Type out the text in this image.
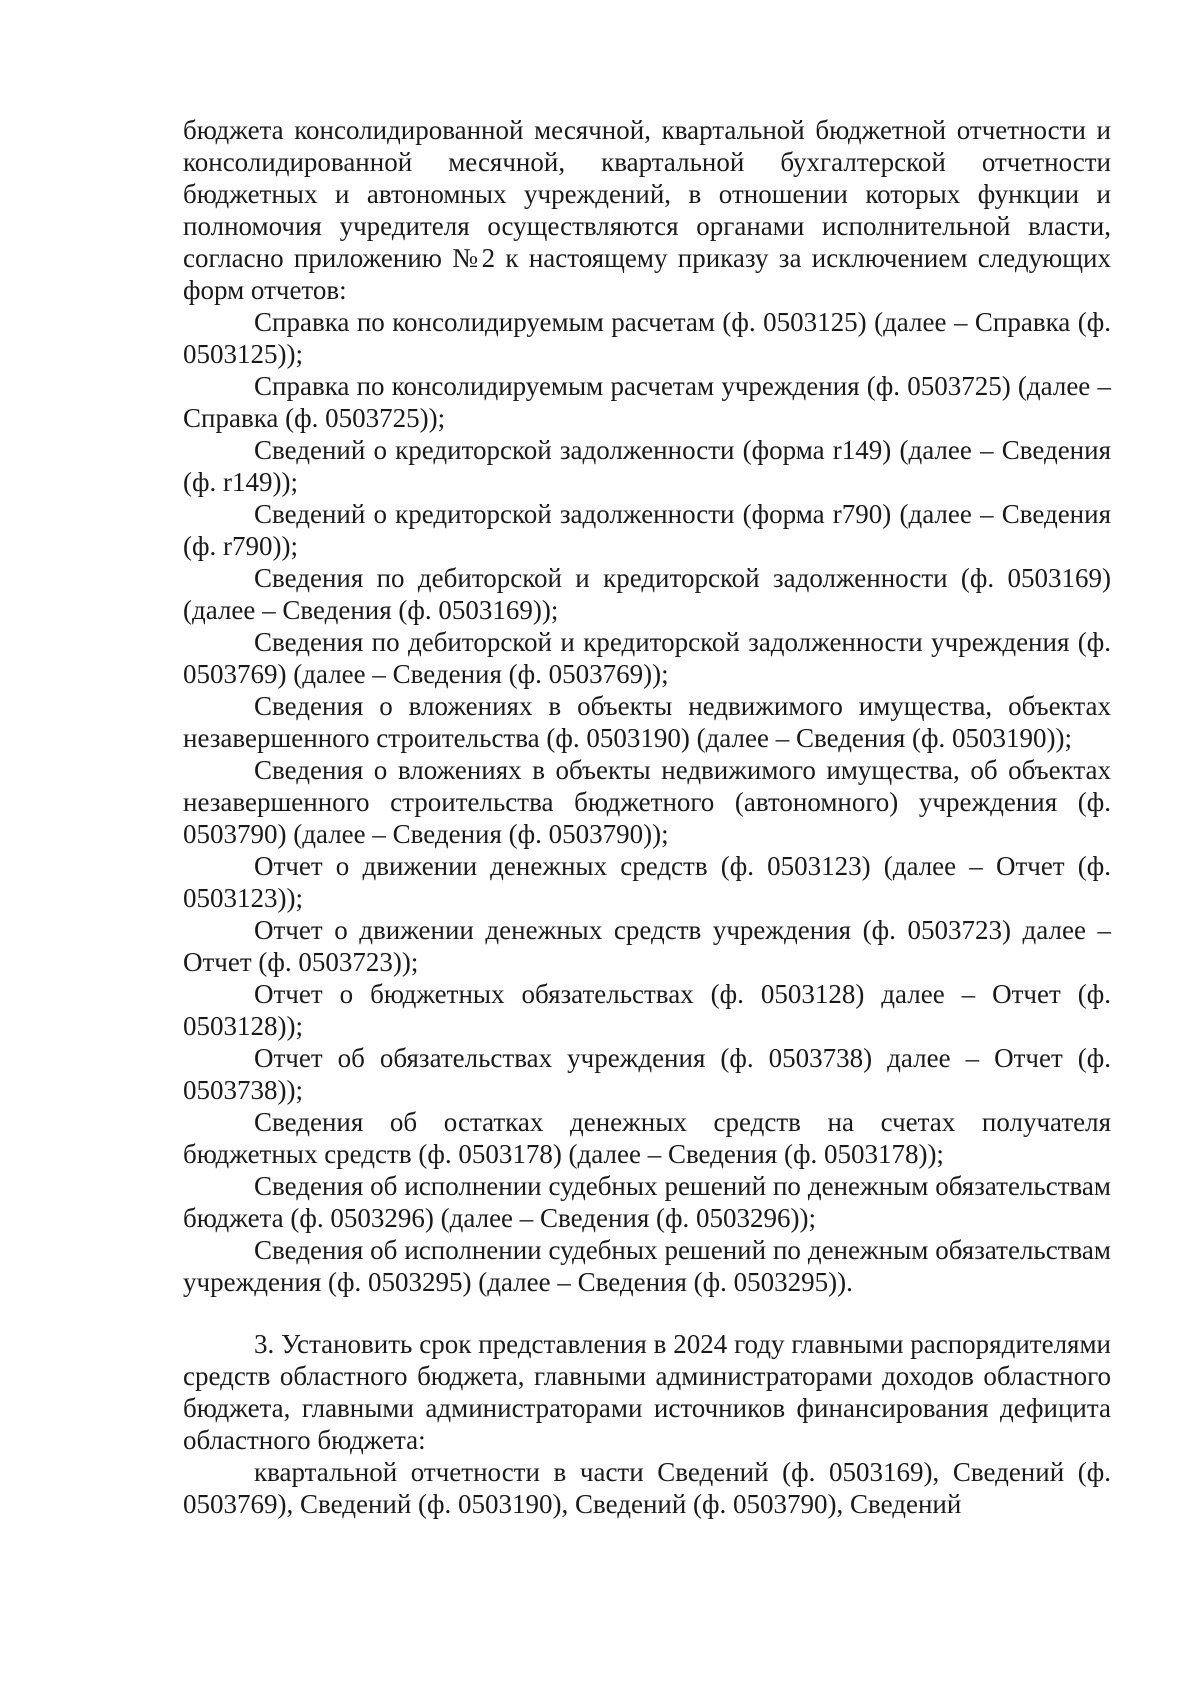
бюджета консолидированной месячной, квартальной бюджетной отчетности и консолидированной месячной, квартальной бухгалтерской отчетности бюджетных и автономных учреждений, в отношении которых функции и полномочия учредителя осуществляются органами исполнительной власти, согласно приложению №2 к настоящему приказу за исключением следующих форм отчетов:

Справка по консолидируемым расчетам (ф. 0503125) (далее – Справка (ф. 0503125));

Справка по консолидируемым расчетам учреждения (ф. 0503725) (далее – Справка (ф. 0503725));

Сведений о кредиторской задолженности (форма r149) (далее – Сведения (ф. r149));

Сведений о кредиторской задолженности (форма r790) (далее – Сведения (ф. r790));

Сведения по дебиторской и кредиторской задолженности (ф. 0503169) (далее – Сведения (ф. 0503169));

Сведения по дебиторской и кредиторской задолженности учреждения (ф. 0503769) (далее – Сведения (ф. 0503769));

Сведения о вложениях в объекты недвижимого имущества, объектах незавершенного строительства (ф. 0503190) (далее – Сведения (ф. 0503190));

Сведения о вложениях в объекты недвижимого имущества, об объектах незавершенного строительства бюджетного (автономного) учреждения (ф. 0503790) (далее – Сведения (ф. 0503790));

Отчет о движении денежных средств (ф. 0503123) (далее – Отчет (ф. 0503123));

Отчет о движении денежных средств учреждения (ф. 0503723) далее – Отчет (ф. 0503723));

Отчет о бюджетных обязательствах (ф. 0503128) далее – Отчет (ф. 0503128));

Отчет об обязательствах учреждения (ф. 0503738) далее – Отчет (ф. 0503738));

Сведения об остатках денежных средств на счетах получателя бюджетных средств (ф. 0503178) (далее – Сведения (ф. 0503178));

Сведения об исполнении судебных решений по денежным обязательствам бюджета (ф. 0503296) (далее – Сведения (ф. 0503296));

Сведения об исполнении судебных решений по денежным обязательствам учреждения (ф. 0503295) (далее – Сведения (ф. 0503295)).

3. Установить срок представления в 2024 году главными распорядителями средств областного бюджета, главными администраторами доходов областного бюджета, главными администраторами источников финансирования дефицита областного бюджета:

квартальной отчетности в части Сведений (ф. 0503169), Сведений (ф. 0503769), Сведений (ф. 0503190), Сведений (ф. 0503790), Сведений
